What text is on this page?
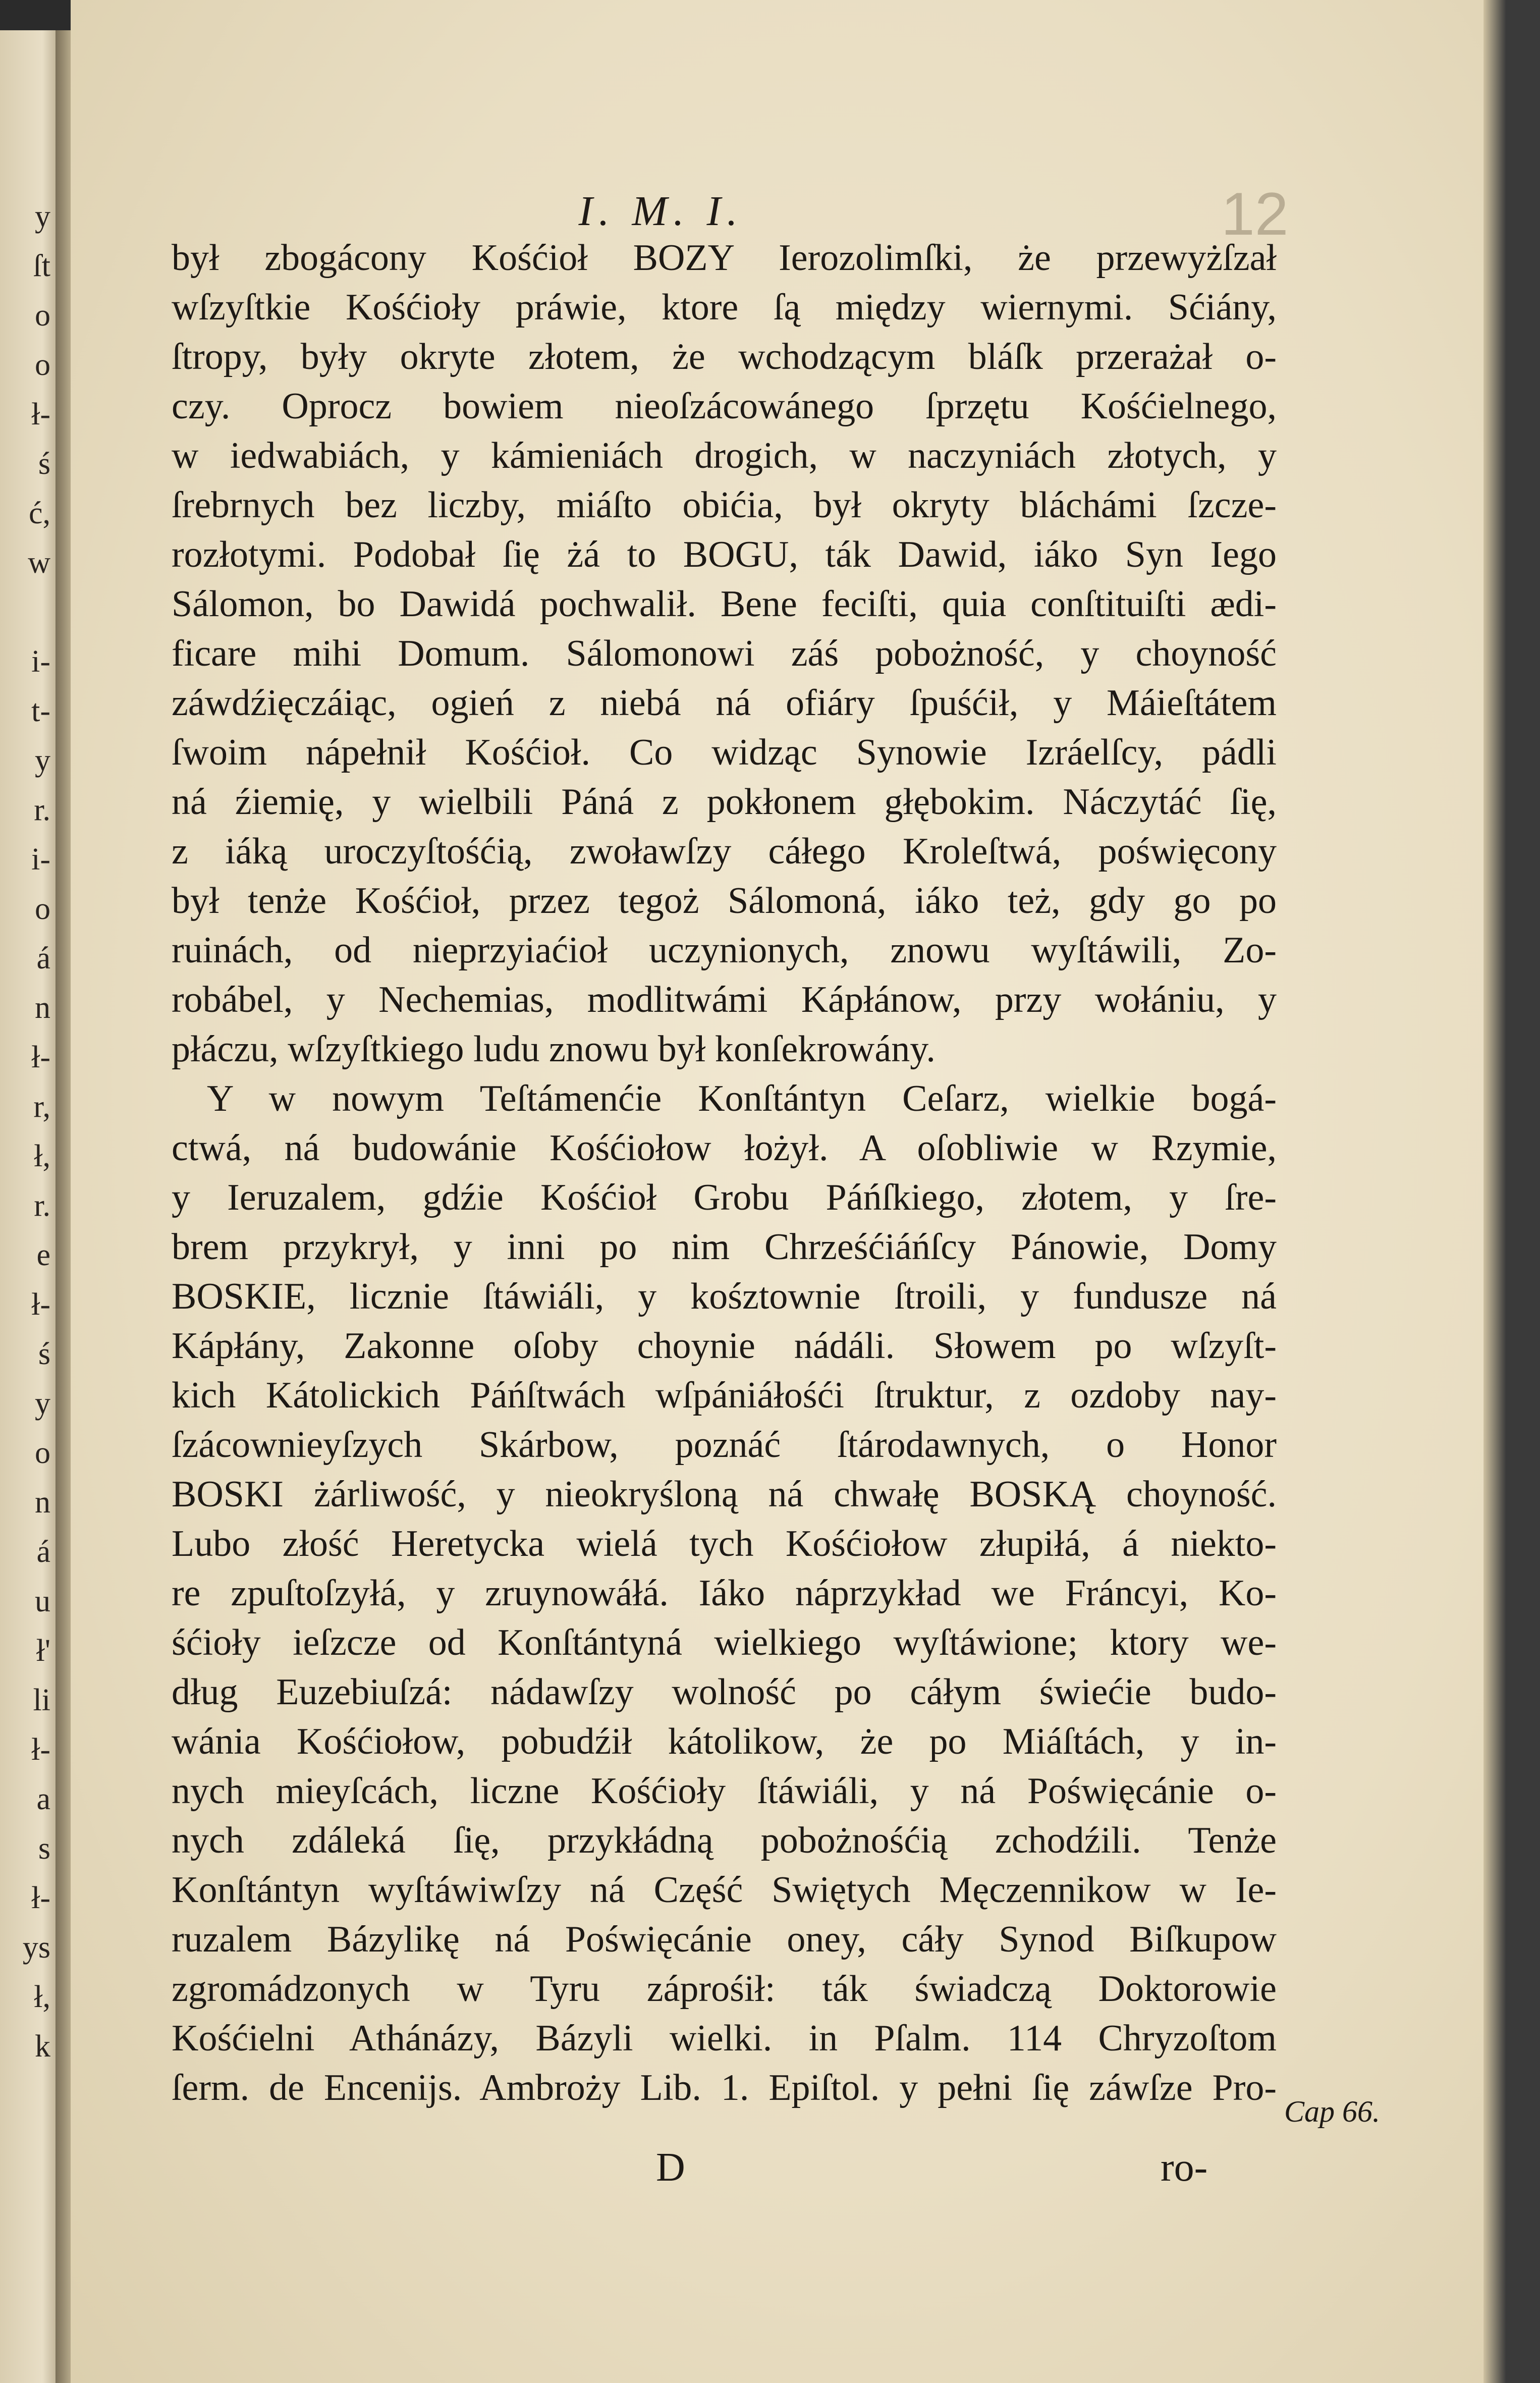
y
ſt
o
o
ł-
ś
ć,
w
i-
t-
y
r.
i-
o
á
n
ł-
r,
ł,
r.
e
ł-
ś
y
o
n
á
u
ł'
li
ł-
a
s
ł-
ys
ł,
k
I. M. I.	12
był zbogácony Kośćioł BOZY Ierozolimſki, że przewyżſzał
wſzyſtkie Kośćioły práwie, ktore ſą między wiernymi. Sćiány,
ſtropy, były okryte złotem, że wchodzącym bláſk przerażał o-
czy. Oprocz bowiem nieoſzácowánego ſprzętu Kośćielnego,
w iedwabiách, y kámieniách drogich, w naczyniách złotych, y
ſrebrnych bez liczby, miáſto obićia, był okryty bláchámi ſzcze-
rozłotymi. Podobał ſię żá to BOGU, ták Dawid, iáko Syn Iego
Sálomon, bo Dawidá pochwalił. Bene feciſti, quia conſtituiſti ædi-
ficare mihi Domum. Sálomonowi záś pobożność, y choyność
záwdźięczáiąc, ogień z niebá ná ofiáry ſpuśćił, y Máieſtátem
ſwoim nápełnił Kośćioł. Co widząc Synowie Izráelſcy, pádli
ná źiemię, y wielbili Páná z pokłonem głębokim. Náczytáć ſię,
z iáką uroczyſtośćią, zwoławſzy cáłego Kroleſtwá, poświęcony
był tenże Kośćioł, przez tegoż Sálomoná, iáko też, gdy go po
ruinách, od nieprzyiaćioł uczynionych, znowu wyſtáwili, Zo-
robábel, y Nechemias, modlitwámi Kápłánow, przy wołániu, y
płáczu, wſzyſtkiego ludu znowu był konſekrowány.
Y w nowym Teſtámenćie Konſtántyn Ceſarz, wielkie bogá-
ctwá, ná budowánie Kośćiołow łożył. A oſobliwie w Rzymie,
y Ieruzalem, gdźie Kośćioł Grobu Páńſkiego, złotem, y ſre-
brem przykrył, y inni po nim Chrześćiáńſcy Pánowie, Domy
BOSKIE, licznie ſtáwiáli, y kośztownie ſtroili, y fundusze ná
Kápłány, Zakonne oſoby choynie nádáli. Słowem po wſzyſt-
kich Kátolickich Páńſtwách wſpániáłośći ſtruktur, z ozdoby nay-
ſzácownieyſzych Skárbow, poznáć ſtárodawnych, o Honor
BOSKI żárliwość, y nieokryśloną ná chwałę BOSKĄ choyność.
Lubo złość Heretycka wielá tych Kośćiołow złupiłá, á niekto-
re zpuſtoſzyłá, y zruynowáłá. Iáko náprzykład we Fráncyi, Ko-
śćioły ieſzcze od Konſtántyná wielkiego wyſtáwione; ktory we-
dług Euzebiuſzá: nádawſzy wolność po cáłym świećie budo-
wánia Kośćiołow, pobudźił kátolikow, że po Miáſtách, y in-
nych mieyſcách, liczne Kośćioły ſtáwiáli, y ná Poświęcánie o-
nych zdáleká ſię, przykłádną pobożnośćią zchodźili. Tenże
Konſtántyn wyſtáwiwſzy ná Część Swiętych Męczennikow w Ie-
ruzalem Bázylikę ná Poświęcánie oney, cáły Synod Biſkupow
zgromádzonych w Tyru záprośił: ták świadczą Doktorowie
Kośćielni Athánázy, Bázyli wielki. in Pſalm. 114 Chryzoſtom
ſerm. de Encenijs. Ambroży Lib. 1. Epiſtol. y pełni ſię záwſze Pro-
Cap 66.
D	ro-
